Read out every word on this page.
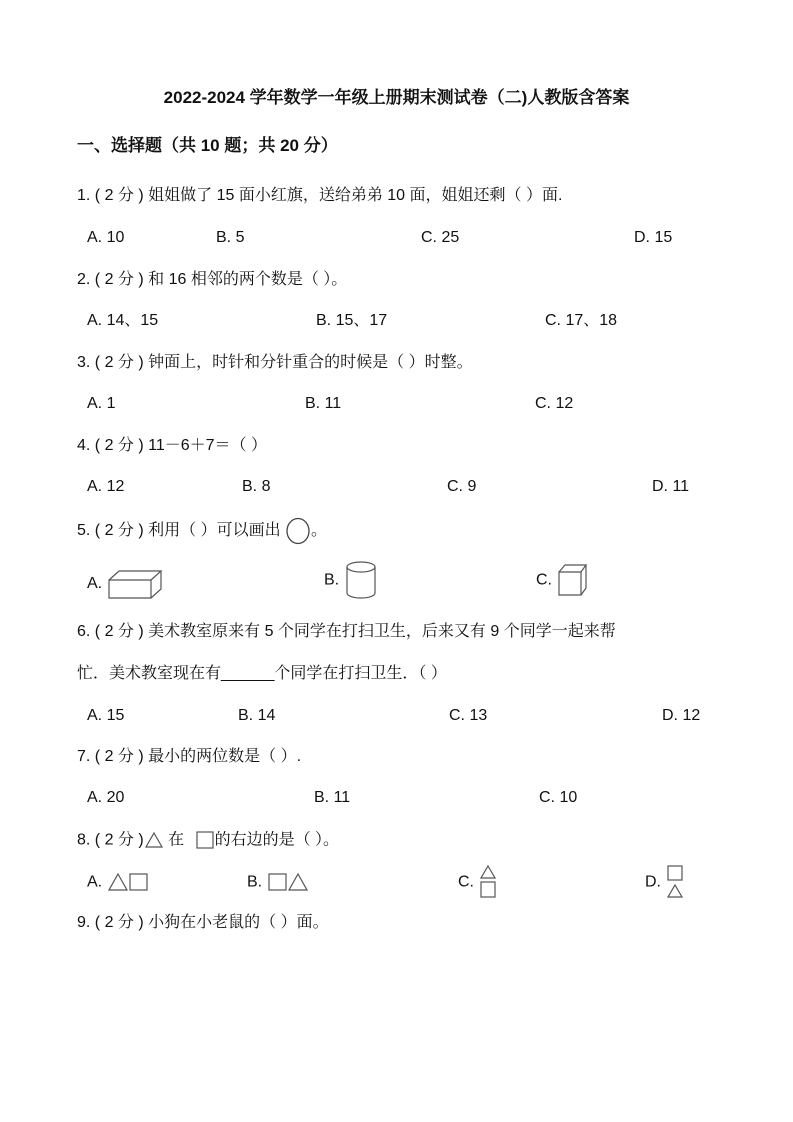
2022-2024 学年数学一年级上册期末测试卷（二)人教版含答案
一、选择题（共 10 题；共 20 分）
1. ( 2 分 ) 姐姐做了 15 面小红旗，送给弟弟 10 面，姐姐还剩（ ）面.
A. 10	B. 5	C. 25	D. 15
2. ( 2 分 ) 和 16 相邻的两个数是（ ）。
A. 14、15	B. 15、17	C. 17、18
3. ( 2 分 ) 钟面上，时针和分针重合的时候是（ ）时整。
A. 1	B. 11	C. 12
4. ( 2 分 ) 11－6＋7＝（ ）
A. 12	B. 8	C. 9	D. 11
5. ( 2 分 ) 利用（ ）可以画出 。
A.	B.	C.
6. ( 2 分 ) 美术教室原来有 5 个同学在打扫卫生，后来又有 9 个同学一起来帮
忙．美术教室现在有______个同学在打扫卫生．（ ）
A. 15	B. 14	C. 13	D. 12
7. ( 2 分 ) 最小的两位数是（ ）.
A. 20	B. 11	C. 10
8. ( 2 分 ) 在 的右边的是（ ）。
A.	B.	C.	D.
9. ( 2 分 ) 小狗在小老鼠的（ ）面。
